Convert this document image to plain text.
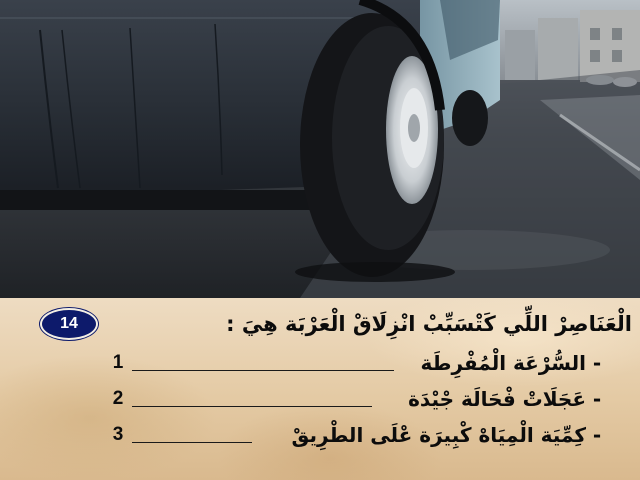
14	الْعَنَاصِرْ اللِّي كَتْسَبِّبْ انْزِلَاقْ الْعَرْبَة هِيَ :
1	السُّرْعَة الْمُفْرِطَة -
2	عَجَلَاتْ فْحَالَة جْيْدَة -
3	كِمِّيَة الْمِيَاهْ كْبِيرَة عْلَى الطْرِيقْ -
